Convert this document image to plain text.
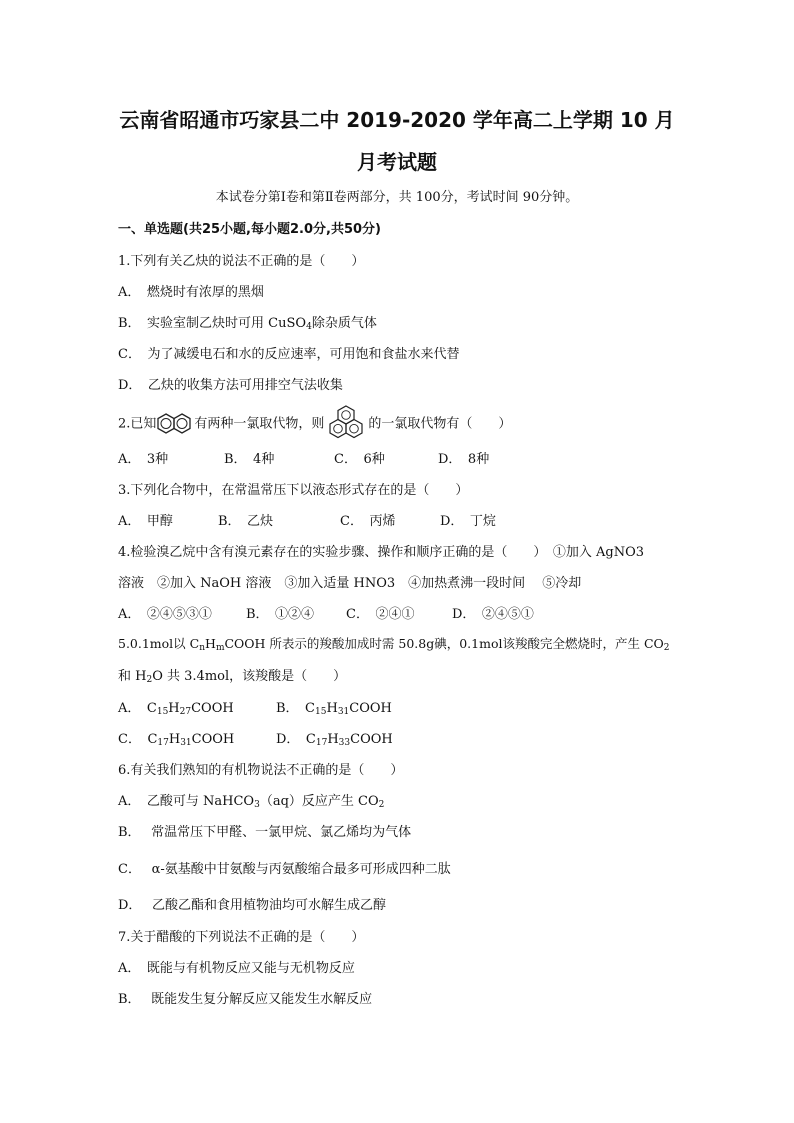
云南省昭通市巧家县二中 2019-2020 学年高二上学期 10 月
月考试题
本试卷分第Ⅰ卷和第Ⅱ卷两部分，共 100分，考试时间 90分钟。
一、单选题(共25小题,每小题2.0分,共50分)
1.下列有关乙炔的说法不正确的是（　　）
A．　燃烧时有浓厚的黑烟
B．　实验室制乙炔时可用 CuSO$_4$除杂质气体
C．　为了减缓电石和水的反应速率，可用饱和食盐水来代替
D．　乙炔的收集方法可用排空气法收集
2.已知	有两种一氯取代物，则	的一氯取代物有（　　）
A．　3种	B．　4种	C．　6种	D．　8种
3.下列化合物中，在常温常压下以液态形式存在的是（　　）
A．　甲醇	B．　乙炔	C．　丙烯	D．　丁烷
4.检验溴乙烷中含有溴元素存在的实验步骤、操作和顺序正确的是（　　）　①加入 AgNO3
溶液　②加入 NaOH 溶液　③加入适量 HNO3　④加热煮沸一段时间　 ⑤冷却
A．　②④⑤③①	B．　①②④ C．　②④①	D．　②④⑤①
5.0.1mol以 $C_nH_mCOOH$ 所表示的羧酸加成时需 50.8g碘，0.1mol该羧酸完全燃烧时，产生 $CO_2$
和 $H_2O$ 共 3.4mol，该羧酸是（　　）
A．　$C_{15}H_{27}COOH$	B．　$C_{15}H_{31}COOH$
C．　$C_{17}H_{31}COOH$	D．　$C_{17}H_{33}COOH$
6.有关我们熟知的有机物说法不正确的是（　　）
A．　乙酸可与 NaHCO$_3$（aq）反应产生 $CO_2$
B．　 常温常压下甲醛、一氯甲烷、氯乙烯均为气体
C．　 α-氨基酸中甘氨酸与丙氨酸缩合最多可形成四种二肽
D．　 乙酸乙酯和食用植物油均可水解生成乙醇
7.关于醋酸的下列说法不正确的是（　　）
A．　既能与有机物反应又能与无机物反应
B．　 既能发生复分解反应又能发生水解反应
